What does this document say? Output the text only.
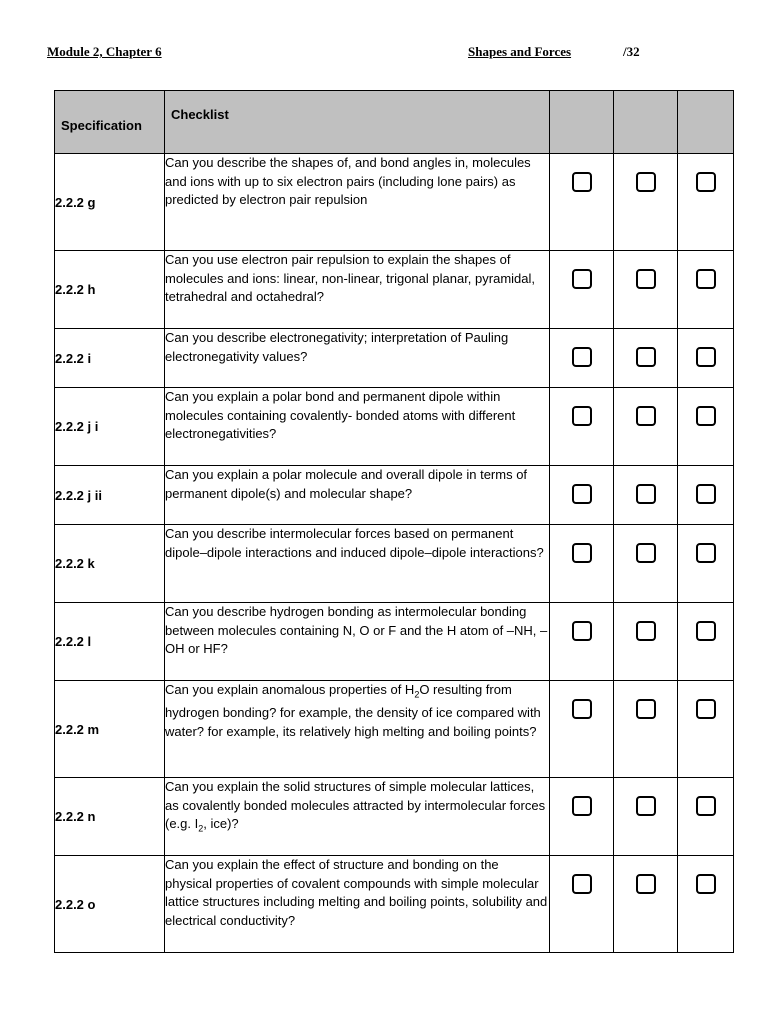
Module 2, Chapter 6	Shapes and Forces	/32
Specification	Checklist			
2.2.2 g	Can you describe the shapes of, and bond angles in, molecules and ions with up to six electron pairs (including lone pairs) as predicted by electron pair repulsion			
2.2.2 h	Can you use electron pair repulsion to explain the shapes of molecules and ions: linear, non-linear, trigonal planar, pyramidal, tetrahedral and octahedral?			
2.2.2 i	Can you describe electronegativity; interpretation of Pauling electronegativity values?			
2.2.2 j i	Can you explain a polar bond and permanent dipole within molecules containing covalently- bonded atoms with different electronegativities?			
2.2.2 j ii	Can you explain a polar molecule and overall dipole in terms of permanent dipole(s) and molecular shape?			
2.2.2 k	Can you describe intermolecular forces based on permanent dipole–dipole interactions and induced dipole–dipole interactions?			
2.2.2 l	Can you describe hydrogen bonding as intermolecular bonding between molecules containing N, O or F and the H atom of –NH, –OH or HF?			
2.2.2 m	Can you explain anomalous properties of $H_2O$ resulting from hydrogen bonding? for example, the density of ice compared with water? for example, its relatively high melting and boiling points?			
2.2.2 n	Can you explain the solid structures of simple molecular lattices, as covalently bonded molecules attracted by intermolecular forces (e.g. $I_2$, ice)?			
2.2.2 o	Can you explain the effect of structure and bonding on the physical properties of covalent compounds with simple molecular lattice structures including melting and boiling points, solubility and electrical conductivity?			
